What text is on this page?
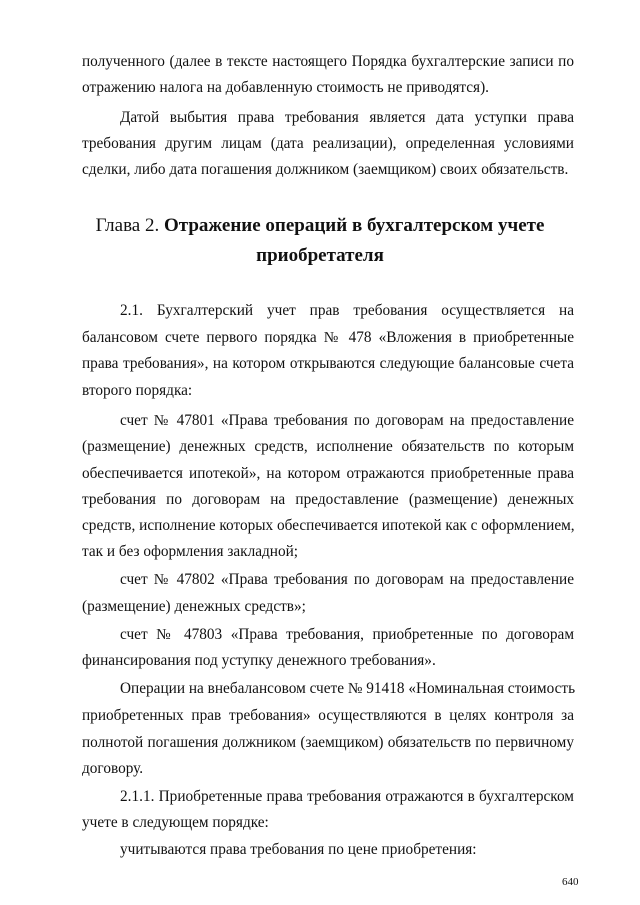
полученного (далее в тексте настоящего Порядка бухгалтерские записи по
отражению налога на добавленную стоимость не приводятся).
Датой выбытия права требования является дата уступки права
требования другим лицам (дата реализации), определенная условиями
сделки, либо дата погашения должником (заемщиком) своих обязательств.
Глава 2. Отражение операций в бухгалтерском учете
приобретателя
2.1. Бухгалтерский учет прав требования осуществляется на
балансовом счете первого порядка № 478 «Вложения в приобретенные
права требования», на котором открываются следующие балансовые счета
второго порядка:
счет № 47801 «Права требования по договорам на предоставление
(размещение) денежных средств, исполнение обязательств по которым
обеспечивается ипотекой», на котором отражаются приобретенные права
требования по договорам на предоставление (размещение) денежных
средств, исполнение которых обеспечивается ипотекой как с оформлением,
так и без оформления закладной;
счет № 47802 «Права требования по договорам на предоставление
(размещение) денежных средств»;
счет № 47803 «Права требования, приобретенные по договорам
финансирования под уступку денежного требования».
Операции на внебалансовом счете № 91418 «Номинальная стоимость
приобретенных прав требования» осуществляются в целях контроля за
полнотой погашения должником (заемщиком) обязательств по первичному
договору.
2.1.1. Приобретенные права требования отражаются в бухгалтерском
учете в следующем порядке:
учитываются права требования по цене приобретения:
640
